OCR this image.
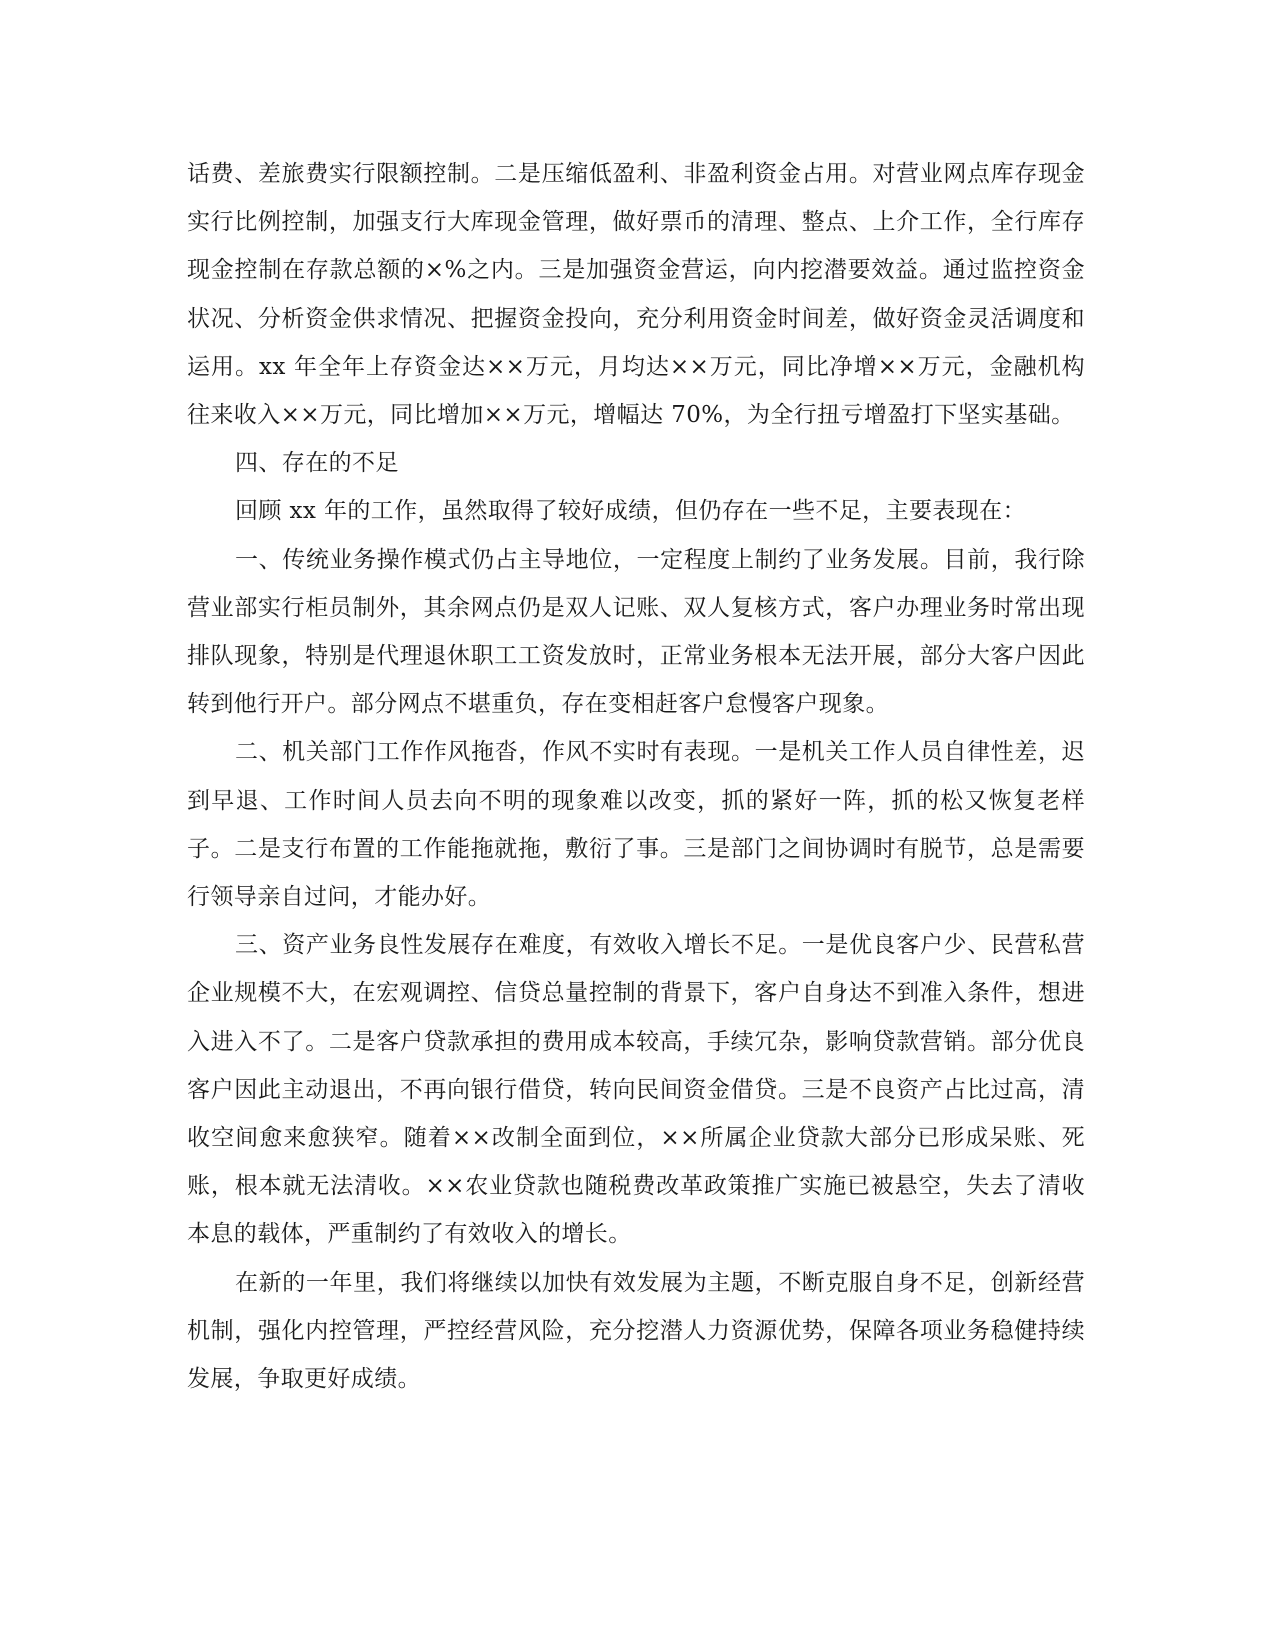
话费、差旅费实行限额控制。二是压缩低盈利、非盈利资金占用。对营业网点库存现金实行比例控制，加强支行大库现金管理，做好票币的清理、整点、上介工作，全行库存现金控制在存款总额的×%之内。三是加强资金营运，向内挖潜要效益。通过监控资金状况、分析资金供求情况、把握资金投向，充分利用资金时间差，做好资金灵活调度和运用。xx 年全年上存资金达××万元，月均达××万元，同比净增××万元，金融机构往来收入××万元，同比增加××万元，增幅达 70%，为全行扭亏增盈打下坚实基础。

四、存在的不足

回顾 xx 年的工作，虽然取得了较好成绩，但仍存在一些不足，主要表现在：

一、传统业务操作模式仍占主导地位，一定程度上制约了业务发展。目前，我行除营业部实行柜员制外，其余网点仍是双人记账、双人复核方式，客户办理业务时常出现排队现象，特别是代理退休职工工资发放时，正常业务根本无法开展，部分大客户因此转到他行开户。部分网点不堪重负，存在变相赶客户怠慢客户现象。

二、机关部门工作作风拖沓，作风不实时有表现。一是机关工作人员自律性差，迟到早退、工作时间人员去向不明的现象难以改变，抓的紧好一阵，抓的松又恢复老样子。二是支行布置的工作能拖就拖，敷衍了事。三是部门之间协调时有脱节，总是需要行领导亲自过问，才能办好。

三、资产业务良性发展存在难度，有效收入增长不足。一是优良客户少、民营私营企业规模不大，在宏观调控、信贷总量控制的背景下，客户自身达不到准入条件，想进入进入不了。二是客户贷款承担的费用成本较高，手续冗杂，影响贷款营销。部分优良客户因此主动退出，不再向银行借贷，转向民间资金借贷。三是不良资产占比过高，清收空间愈来愈狭窄。随着××改制全面到位，××所属企业贷款大部分已形成呆账、死账，根本就无法清收。××农业贷款也随税费改革政策推广实施已被悬空，失去了清收本息的载体，严重制约了有效收入的增长。

在新的一年里，我们将继续以加快有效发展为主题，不断克服自身不足，创新经营机制，强化内控管理，严控经营风险，充分挖潜人力资源优势，保障各项业务稳健持续发展，争取更好成绩。
